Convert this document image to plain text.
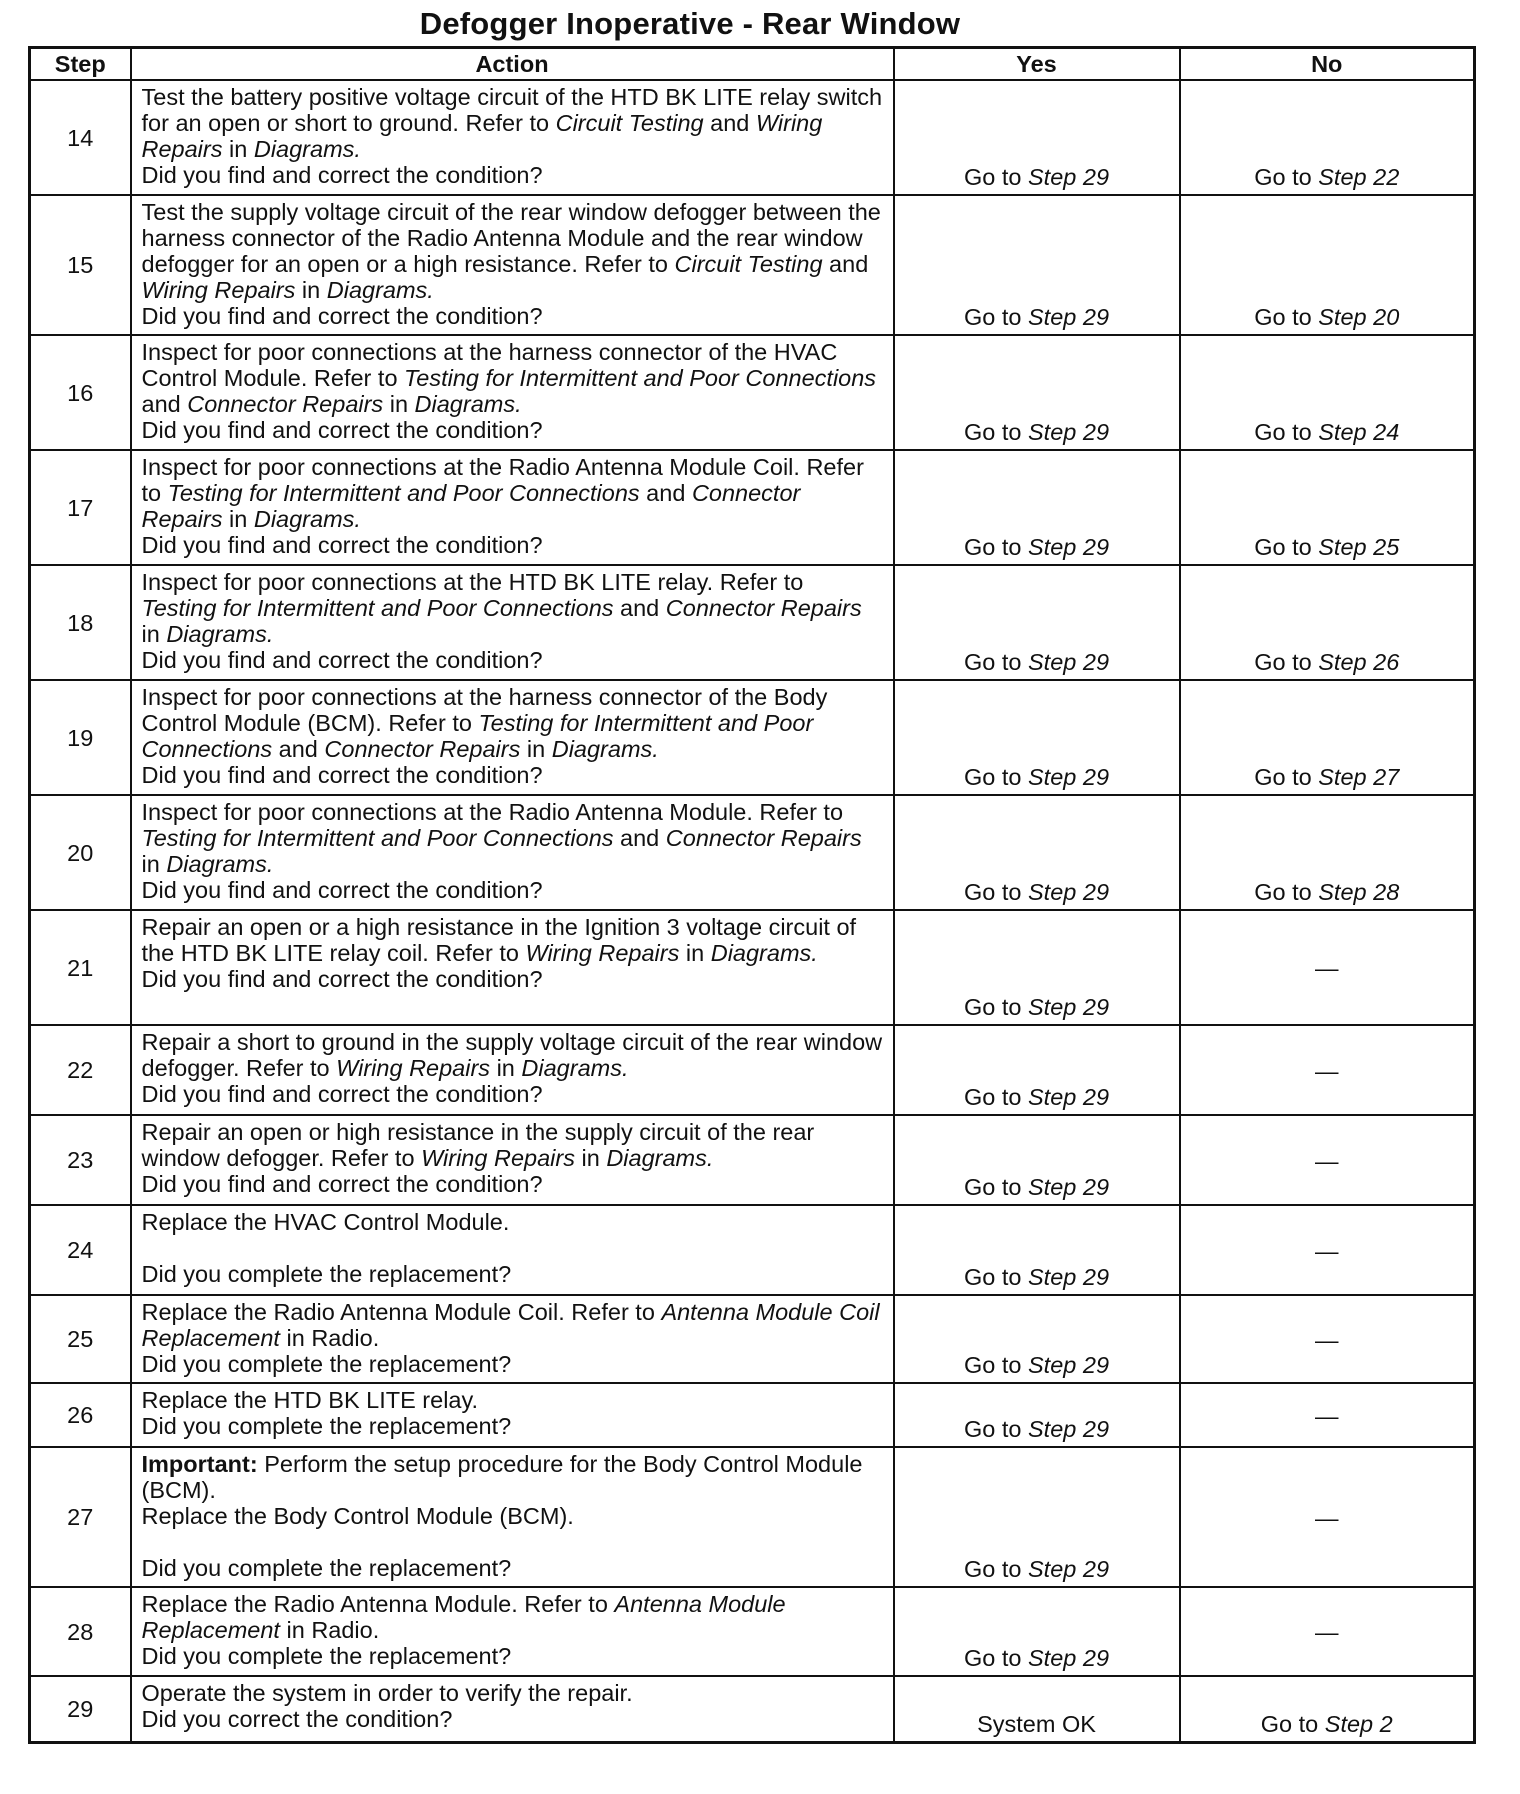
Defogger Inoperative - Rear Window
Step	Action	Yes	No
14	Test the battery positive voltage circuit of the HTD BK LITE relay switch for an open or short to ground. Refer to Circuit Testing and Wiring Repairs in Diagrams.
Did you find and correct the condition?	Go to Step 29	Go to Step 22
15	Test the supply voltage circuit of the rear window defogger between the harness connector of the Radio Antenna Module and the rear window defogger for an open or a high resistance. Refer to Circuit Testing and Wiring Repairs in Diagrams.
Did you find and correct the condition?	Go to Step 29	Go to Step 20
16	Inspect for poor connections at the harness connector of the HVAC Control Module. Refer to Testing for Intermittent and Poor Connections and Connector Repairs in Diagrams.
Did you find and correct the condition?	Go to Step 29	Go to Step 24
17	Inspect for poor connections at the Radio Antenna Module Coil. Refer to Testing for Intermittent and Poor Connections and Connector Repairs in Diagrams.
Did you find and correct the condition?	Go to Step 29	Go to Step 25
18	Inspect for poor connections at the HTD BK LITE relay. Refer to Testing for Intermittent and Poor Connections and Connector Repairs in Diagrams.
Did you find and correct the condition?	Go to Step 29	Go to Step 26
19	Inspect for poor connections at the harness connector of the Body Control Module (BCM). Refer to Testing for Intermittent and Poor Connections and Connector Repairs in Diagrams.
Did you find and correct the condition?	Go to Step 29	Go to Step 27
20	Inspect for poor connections at the Radio Antenna Module. Refer to Testing for Intermittent and Poor Connections and Connector Repairs in Diagrams.
Did you find and correct the condition?	Go to Step 29	Go to Step 28
21	Repair an open or a high resistance in the Ignition 3 voltage circuit of the HTD BK LITE relay coil. Refer to Wiring Repairs in Diagrams.
Did you find and correct the condition?	Go to Step 29	—
22	Repair a short to ground in the supply voltage circuit of the rear window defogger. Refer to Wiring Repairs in Diagrams.
Did you find and correct the condition?	Go to Step 29	—
23	Repair an open or high resistance in the supply circuit of the rear window defogger. Refer to Wiring Repairs in Diagrams.
Did you find and correct the condition?	Go to Step 29	—
24	Replace the HVAC Control Module.
Did you complete the replacement?	Go to Step 29	—
25	Replace the Radio Antenna Module Coil. Refer to Antenna Module Coil Replacement in Radio.
Did you complete the replacement?	Go to Step 29	—
26	Replace the HTD BK LITE relay.
Did you complete the replacement?	Go to Step 29	—
27	Important: Perform the setup procedure for the Body Control Module (BCM).
Replace the Body Control Module (BCM).
Did you complete the replacement?	Go to Step 29	—
28	Replace the Radio Antenna Module. Refer to Antenna Module Replacement in Radio.
Did you complete the replacement?	Go to Step 29	—
29	Operate the system in order to verify the repair.
Did you correct the condition?	System OK	Go to Step 2
